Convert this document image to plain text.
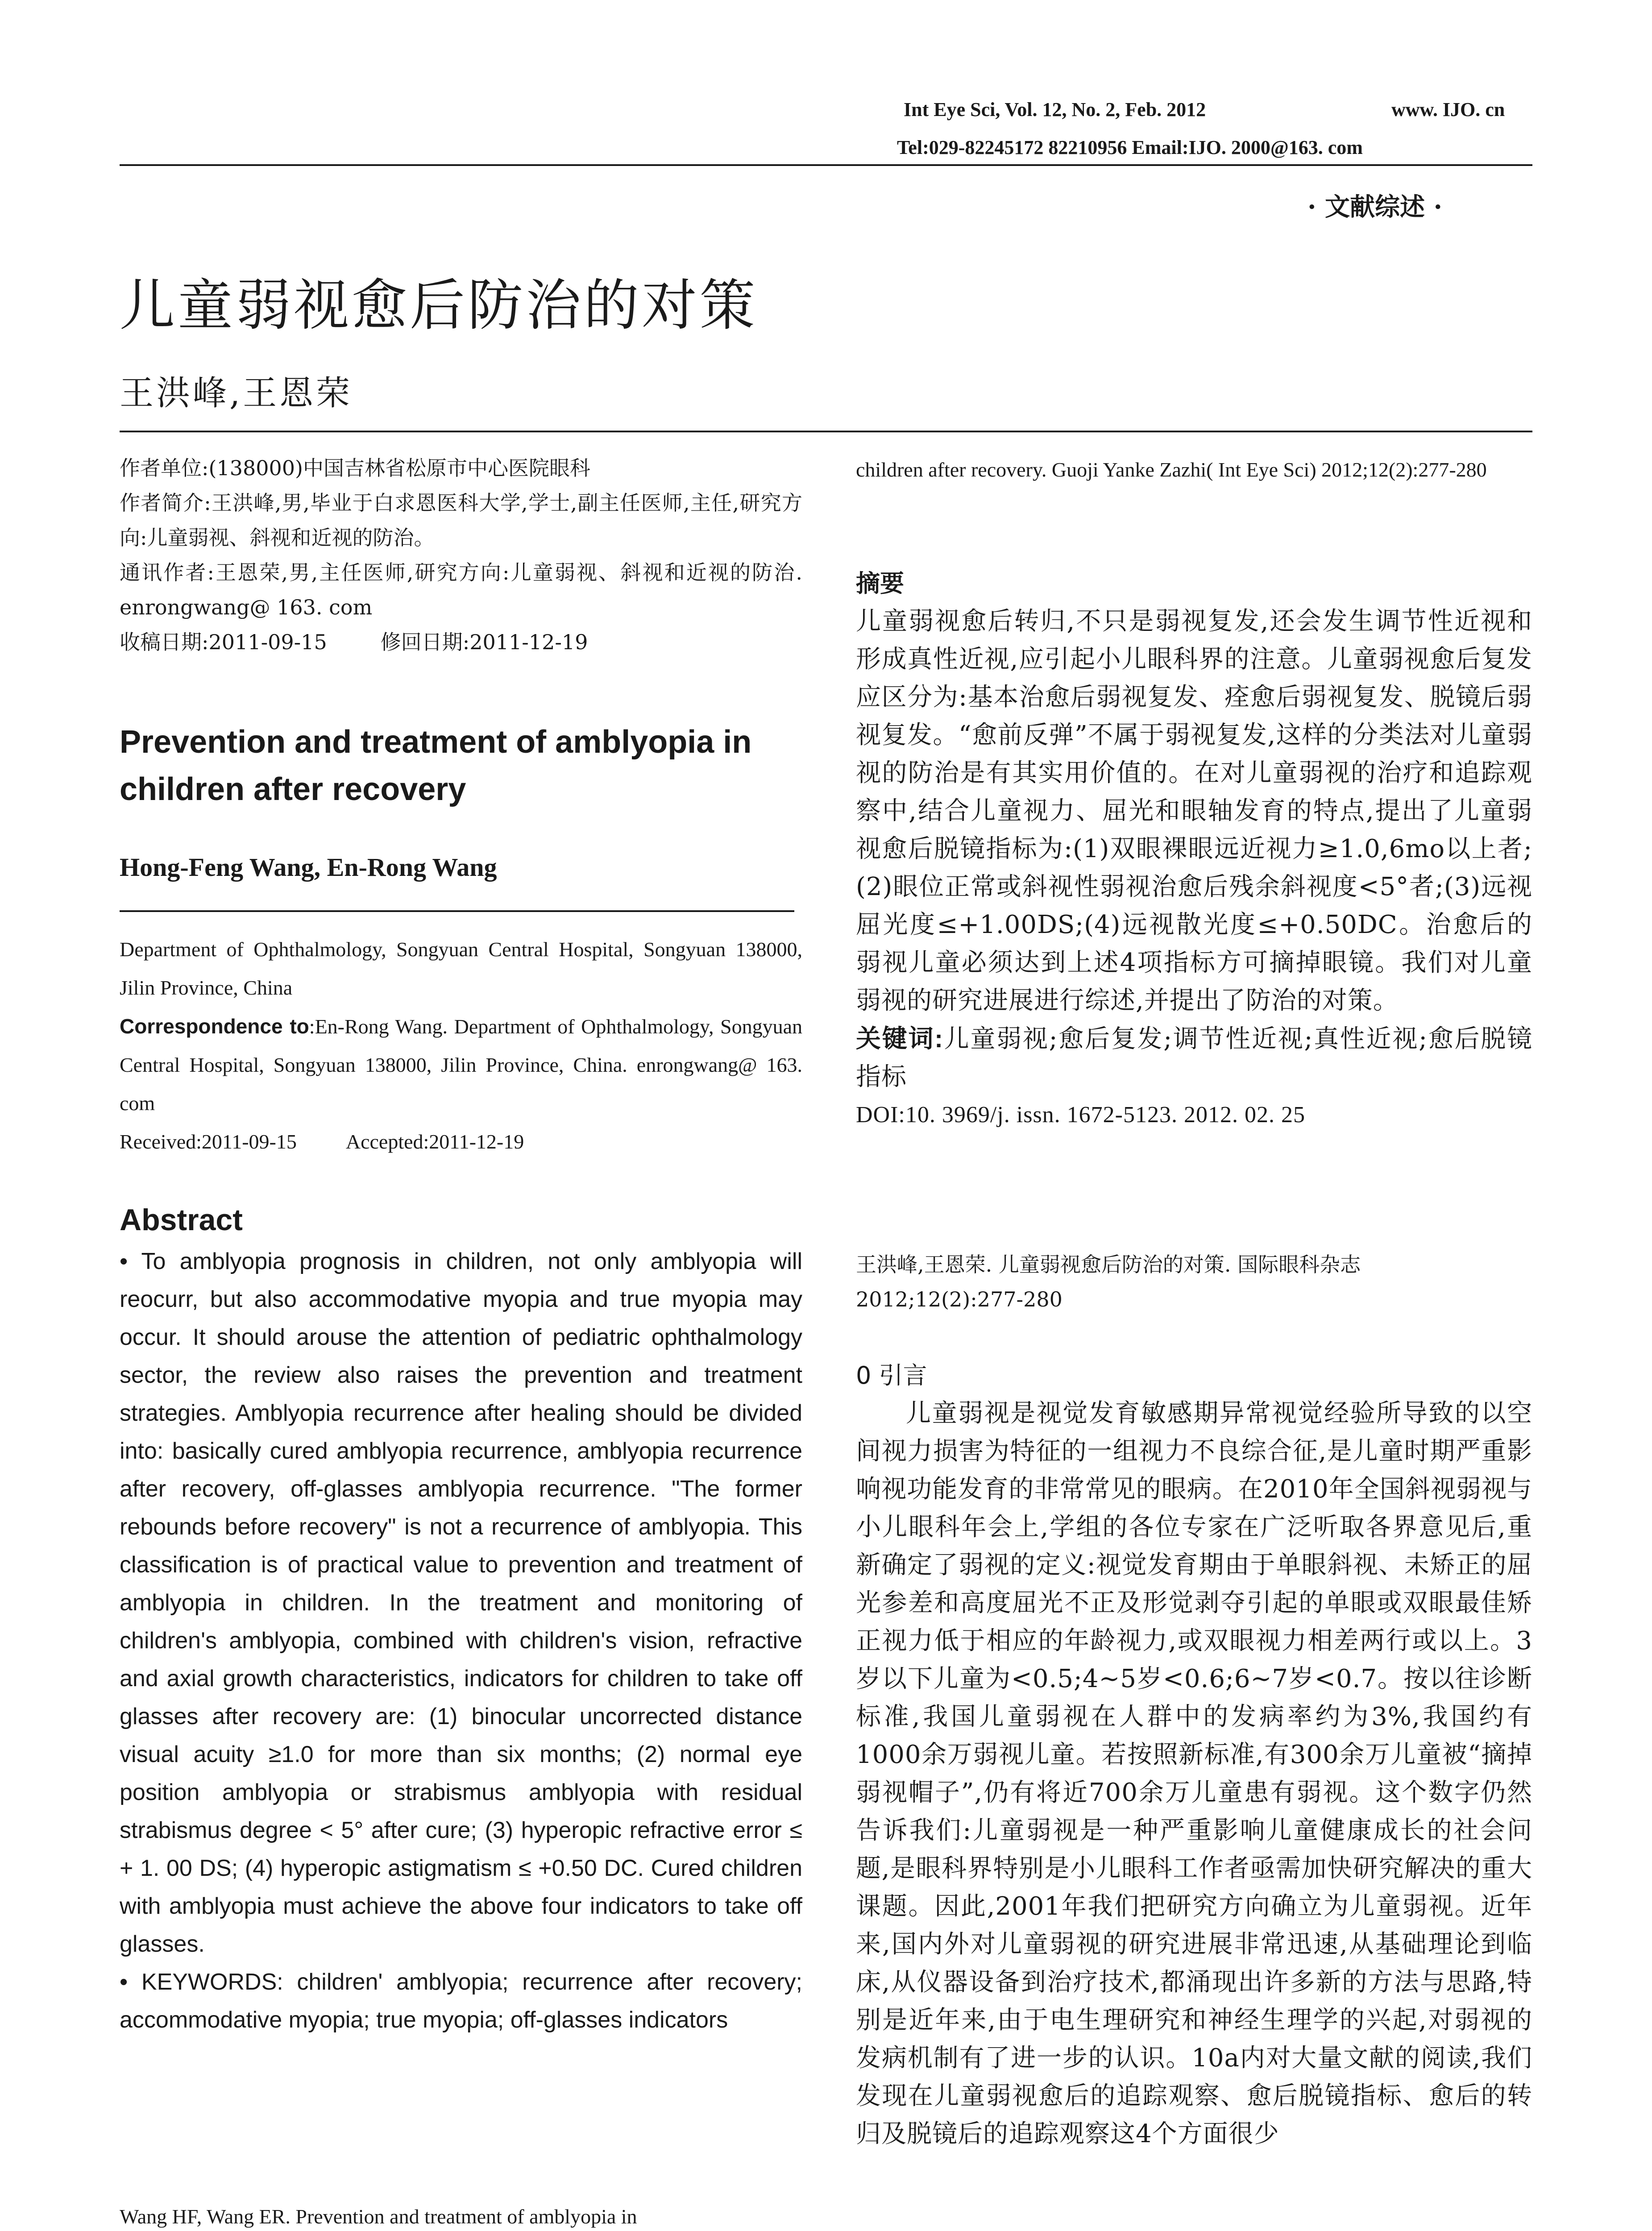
Int Eye Sci, Vol. 12, No. 2, Feb. 2012	www. IJO. cn
Tel:029-82245172 82210956 Email:IJO. 2000@163. com
· 文献综述 ·
儿童弱视愈后防治的对策
王洪峰,王恩荣
作者单位:(138000)中国吉林省松原市中心医院眼科
作者简介:王洪峰,男,毕业于白求恩医科大学,学士,副主任医师,主任,研究方向:儿童弱视、斜视和近视的防治。
通讯作者:王恩荣,男,主任医师,研究方向:儿童弱视、斜视和近视的防治. enrongwang@ 163. com
收稿日期:2011-09-15	修回日期:2011-12-19
Prevention and treatment of amblyopia in children after recovery
Hong-Feng Wang, En-Rong Wang
Department of Ophthalmology, Songyuan Central Hospital, Songyuan 138000, Jilin Province, China
Correspondence to:En-Rong Wang. Department of Ophthalmology, Songyuan Central Hospital, Songyuan 138000, Jilin Province, China. enrongwang@ 163. com
Received:2011-09-15 Accepted:2011-12-19
Abstract
• To amblyopia prognosis in children, not only amblyopia will reocurr, but also accommodative myopia and true myopia may occur. It should arouse the attention of pediatric ophthalmology sector, the review also raises the prevention and treatment strategies. Amblyopia recurrence after healing should be divided into: basically cured amblyopia recurrence, amblyopia recurrence after recovery, off-glasses amblyopia recurrence. "The former rebounds before recovery" is not a recurrence of amblyopia. This classification is of practical value to prevention and treatment of amblyopia in children. In the treatment and monitoring of children's amblyopia, combined with children's vision, refractive and axial growth characteristics, indicators for children to take off glasses after recovery are: (1) binocular uncorrected distance visual acuity ≥1.0 for more than six months; (2) normal eye position amblyopia or strabismus amblyopia with residual strabismus degree < 5° after cure; (3) hyperopic refractive error ≤ + 1. 00 DS; (4) hyperopic astigmatism ≤ +0.50 DC. Cured children with amblyopia must achieve the above four indicators to take off glasses.
• KEYWORDS: children' amblyopia; recurrence after recovery; accommodative myopia; true myopia; off-glasses indicators
Wang HF, Wang ER. Prevention and treatment of amblyopia in
children after recovery. Guoji Yanke Zazhi( Int Eye Sci) 2012;12(2):277-280
摘要
儿童弱视愈后转归,不只是弱视复发,还会发生调节性近视和形成真性近视,应引起小儿眼科界的注意。儿童弱视愈后复发应区分为:基本治愈后弱视复发、痊愈后弱视复发、脱镜后弱视复发。“愈前反弹”不属于弱视复发,这样的分类法对儿童弱视的防治是有其实用价值的。在对儿童弱视的治疗和追踪观察中,结合儿童视力、屈光和眼轴发育的特点,提出了儿童弱视愈后脱镜指标为:(1)双眼裸眼远近视力≥1.0,6mo以上者;(2)眼位正常或斜视性弱视治愈后残余斜视度<5°者;(3)远视屈光度≤+1.00DS;(4)远视散光度≤+0.50DC。治愈后的弱视儿童必须达到上述4项指标方可摘掉眼镜。我们对儿童弱视的研究进展进行综述,并提出了防治的对策。
关键词:儿童弱视;愈后复发;调节性近视;真性近视;愈后脱镜指标
DOI:10. 3969/j. issn. 1672-5123. 2012. 02. 25
王洪峰,王恩荣. 儿童弱视愈后防治的对策. 国际眼科杂志 2012;12(2):277-280
0 引言
儿童弱视是视觉发育敏感期异常视觉经验所导致的以空间视力损害为特征的一组视力不良综合征,是儿童时期严重影响视功能发育的非常常见的眼病。在2010年全国斜视弱视与小儿眼科年会上,学组的各位专家在广泛听取各界意见后,重新确定了弱视的定义:视觉发育期由于单眼斜视、未矫正的屈光参差和高度屈光不正及形觉剥夺引起的单眼或双眼最佳矫正视力低于相应的年龄视力,或双眼视力相差两行或以上。3岁以下儿童为<0.5;4~5岁<0.6;6~7岁<0.7。按以往诊断标准,我国儿童弱视在人群中的发病率约为3%,我国约有1000余万弱视儿童。若按照新标准,有300余万儿童被“摘掉弱视帽子”,仍有将近700余万儿童患有弱视。这个数字仍然告诉我们:儿童弱视是一种严重影响儿童健康成长的社会问题,是眼科界特别是小儿眼科工作者亟需加快研究解决的重大课题。因此,2001年我们把研究方向确立为儿童弱视。近年来,国内外对儿童弱视的研究进展非常迅速,从基础理论到临床,从仪器设备到治疗技术,都涌现出许多新的方法与思路,特别是近年来,由于电生理研究和神经生理学的兴起,对弱视的发病机制有了进一步的认识。10a内对大量文献的阅读,我们发现在儿童弱视愈后的追踪观察、愈后脱镜指标、愈后的转归及脱镜后的追踪观察这4个方面很少
